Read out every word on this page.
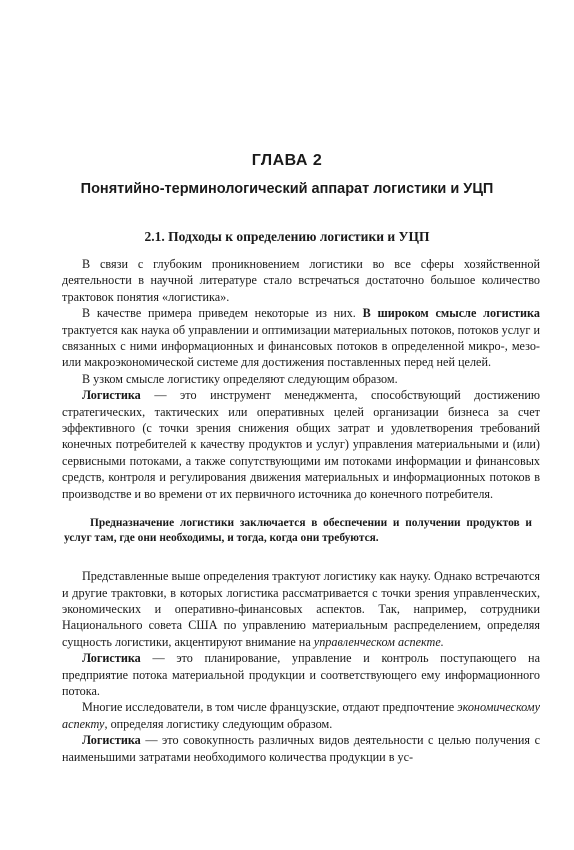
ГЛАВА 2
Понятийно-терминологический аппарат логистики и УЦП
2.1. Подходы к определению логистики и УЦП

В связи с глубоким проникновением логистики во все сферы хозяйственной деятельности в научной литературе стало встречаться достаточно большое количество трактовок понятия «логистика».

В качестве примера приведем некоторые из них. В широком смысле логистика трактуется как наука об управлении и оптимизации материальных потоков, потоков услуг и связанных с ними информационных и финансовых потоков в определенной микро-, мезо- или макроэкономической системе для достижения поставленных перед ней целей.

В узком смысле логистику определяют следующим образом.

Логистика — это инструмент менеджмента, способствующий достижению стратегических, тактических или оперативных целей организации бизнеса за счет эффективного (с точки зрения снижения общих затрат и удовлетворения требований конечных потребителей к качеству продуктов и услуг) управления материальными и (или) сервисными потоками, а также сопутствующими им потоками информации и финансовых средств, контроля и регулирования движения материальных и информационных потоков в производстве и во времени от их первичного источника до конечного потребителя.

Предназначение логистики заключается в обеспечении и получении продуктов и услуг там, где они необходимы, и тогда, когда они требуются.

Представленные выше определения трактуют логистику как науку. Однако встречаются и другие трактовки, в которых логистика рассматривается с точки зрения управленческих, экономических и оперативно-финансовых аспектов. Так, например, сотрудники Национального совета США по управлению материальным распределением, определяя сущность логистики, акцентируют внимание на управленческом аспекте.

Логистика — это планирование, управление и контроль поступающего на предприятие потока материальной продукции и соответствующего ему информационного потока.

Многие исследователи, в том числе французские, отдают предпочтение экономическому аспекту, определяя логистику следующим образом.

Логистика — это совокупность различных видов деятельности с целью получения с наименьшими затратами необходимого количества продукции в ус-
